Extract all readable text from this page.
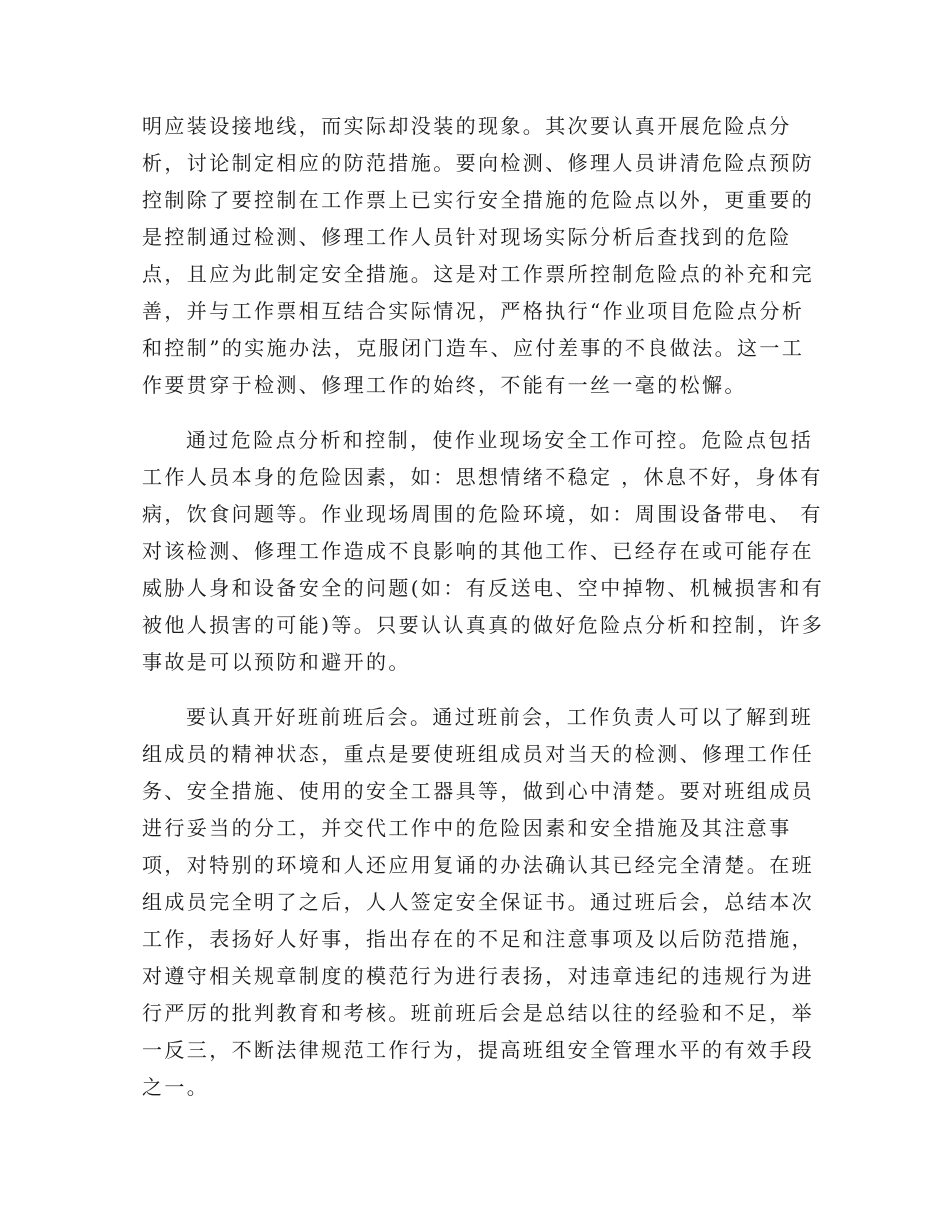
明应装设接地线，而实际却没装的现象。其次要认真开展危险点分
析，讨论制定相应的防范措施。要向检测、修理人员讲清危险点预防
控制除了要控制在工作票上已实行安全措施的危险点以外，更重要的
是控制通过检测、修理工作人员针对现场实际分析后查找到的危险
点，且应为此制定安全措施。这是对工作票所控制危险点的补充和完
善，并与工作票相互结合实际情况，严格执行“作业项目危险点分析
和控制”的实施办法，克服闭门造车、应付差事的不良做法。这一工
作要贯穿于检测、修理工作的始终，不能有一丝一毫的松懈。
通过危险点分析和控制，使作业现场安全工作可控。危险点包括
工作人员本身的危险因素，如：思想情绪不稳定 ，休息不好，身体有
病，饮食问题等。作业现场周围的危险环境，如：周围设备带电、 有
对该检测、修理工作造成不良影响的其他工作、已经存在或可能存在
威胁人身和设备安全的问题(如：有反送电、空中掉物、机械损害和有
被他人损害的可能)等。只要认认真真的做好危险点分析和控制，许多
事故是可以预防和避开的。
要认真开好班前班后会。通过班前会，工作负责人可以了解到班
组成员的精神状态，重点是要使班组成员对当天的检测、修理工作任
务、安全措施、使用的安全工器具等，做到心中清楚。要对班组成员
进行妥当的分工，并交代工作中的危险因素和安全措施及其注意事
项，对特别的环境和人还应用复诵的办法确认其已经完全清楚。在班
组成员完全明了之后，人人签定安全保证书。通过班后会，总结本次
工作，表扬好人好事，指出存在的不足和注意事项及以后防范措施，
对遵守相关规章制度的模范行为进行表扬，对违章违纪的违规行为进
行严厉的批判教育和考核。班前班后会是总结以往的经验和不足，举
一反三，不断法律规范工作行为，提高班组安全管理水平的有效手段
之一。
